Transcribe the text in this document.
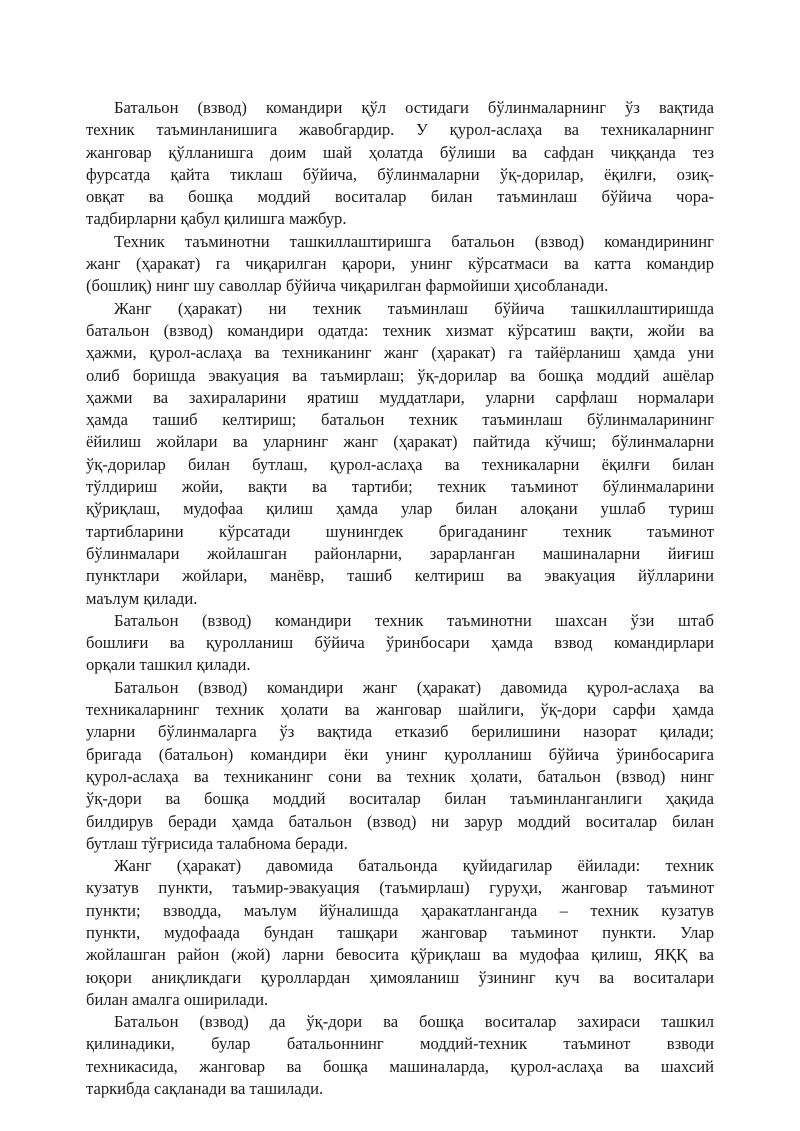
Батальон (взвод) командири қўл остидаги бўлинмаларнинг ўз вақтида
техник таъминланишига жавобгардир. У қурол-аслаҳа ва техникаларнинг
жанговар қўлланишга доим шай ҳолатда бўлиши ва сафдан чиққанда тез
фурсатда қайта тиклаш бўйича, бўлинмаларни ўқ-дорилар, ёқилғи, озиқ-
овқат ва бошқа моддий воситалар билан таъминлаш бўйича чора-
тадбирларни қабул қилишга мажбур.
Техник таъминотни ташкиллаштиришга батальон (взвод) командирининг
жанг (ҳаракат) га чиқарилган қарори, унинг кўрсатмаси ва катта командир
(бошлиқ) нинг шу саволлар бўйича чиқарилган фармойиши ҳисобланади.
Жанг (ҳаракат) ни техник таъминлаш бўйича ташкиллаштиришда
батальон (взвод) командири одатда: техник хизмат кўрсатиш вақти, жойи ва
ҳажми, қурол-аслаҳа ва техниканинг жанг (ҳаракат) га тайёрланиш ҳамда уни
олиб боришда эвакуация ва таъмирлаш; ўқ-дорилар ва бошқа моддий ашёлар
ҳажми ва захираларини яратиш муддатлари, уларни сарфлаш нормалари
ҳамда ташиб келтириш; батальон техник таъминлаш бўлинмаларининг
ёйилиш жойлари ва уларнинг жанг (ҳаракат) пайтида кўчиш; бўлинмаларни
ўқ-дорилар билан бутлаш, қурол-аслаҳа ва техникаларни ёқилғи билан
тўлдириш жойи, вақти ва тартиби; техник таъминот бўлинмаларини
қўриқлаш, мудофаа қилиш ҳамда улар билан алоқани ушлаб туриш
тартибларини кўрсатади шунингдек бригаданинг техник таъминот
бўлинмалари жойлашган районларни, зарарланган машиналарни йиғиш
пунктлари жойлари, манёвр, ташиб келтириш ва эвакуация йўлларини
маълум қилади.
Батальон (взвод) командири техник таъминотни шахсан ўзи штаб
бошлиғи ва қуролланиш бўйича ўринбосари ҳамда взвод командирлари
орқали ташкил қилади.
Батальон (взвод) командири жанг (ҳаракат) давомида қурол-аслаҳа ва
техникаларнинг техник ҳолати ва жанговар шайлиги, ўқ-дори сарфи ҳамда
уларни бўлинмаларга ўз вақтида етказиб берилишини назорат қилади;
бригада (батальон) командири ёки унинг қуролланиш бўйича ўринбосарига
қурол-аслаҳа ва техниканинг сони ва техник ҳолати, батальон (взвод) нинг
ўқ-дори ва бошқа моддий воситалар билан таъминланганлиги ҳақида
билдирув беради ҳамда батальон (взвод) ни зарур моддий воситалар билан
бутлаш тўғрисида талабнома беради.
Жанг (ҳаракат) давомида батальонда қуйидагилар ёйилади: техник
кузатув пункти, таъмир-эвакуация (таъмирлаш) гуруҳи, жанговар таъминот
пункти; взводда, маълум йўналишда ҳаракатланганда – техник кузатув
пункти, мудофаада бундан ташқари жанговар таъминот пункти. Улар
жойлашган район (жой) ларни бевосита қўриқлаш ва мудофаа қилиш, ЯҚҚ ва
юқори аниқликдаги қуроллардан ҳимояланиш ўзининг куч ва воситалари
билан амалга оширилади.
Батальон (взвод) да ўқ-дори ва бошқа воситалар захираси ташкил
қилинадики, булар батальоннинг моддий-техник таъминот взводи
техникасида, жанговар ва бошқа машиналарда, қурол-аслаҳа ва шахсий
таркибда сақланади ва ташилади.
